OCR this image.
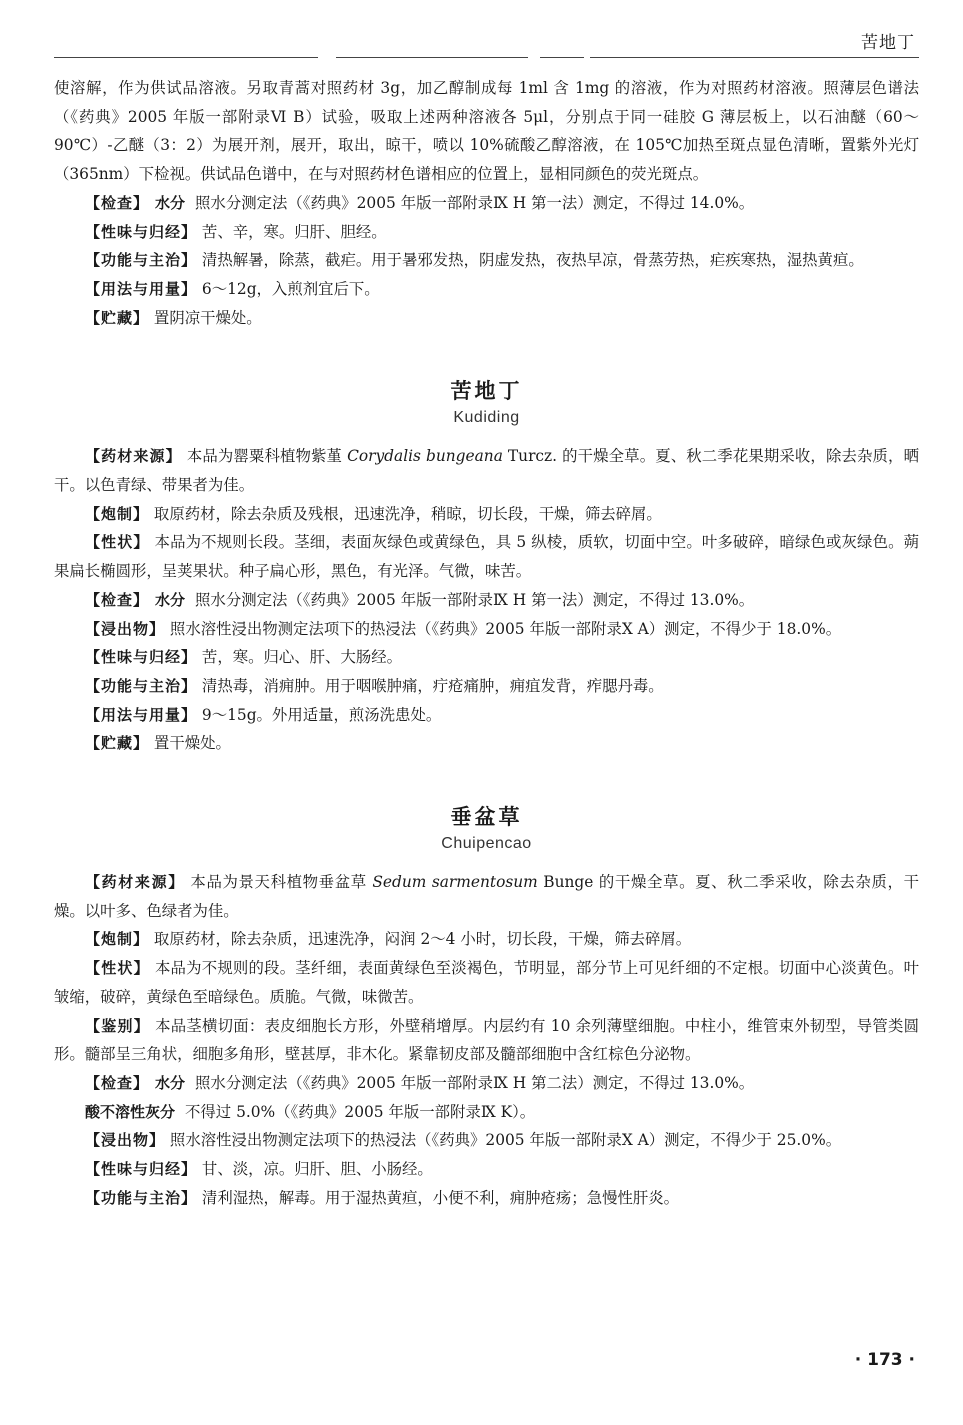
苦地丁

使溶解，作为供试品溶液。另取青蒿对照药材 3g，加乙醇制成每 1ml 含 1mg 的溶液，作为对照药材溶液。照薄层色谱法（《药典》2005 年版一部附录Ⅵ B）试验，吸取上述两种溶液各 5μl，分别点于同一硅胶 G 薄层板上，以石油醚（60～90℃）-乙醚（3：2）为展开剂，展开，取出，晾干，喷以 10%硫酸乙醇溶液，在 105℃加热至斑点显色清晰，置紫外光灯（365nm）下检视。供试品色谱中，在与对照药材色谱相应的位置上，显相同颜色的荧光斑点。

【检查】 水分 照水分测定法（《药典》2005 年版一部附录Ⅸ H 第一法）测定，不得过 14.0%。

【性味与归经】 苦、辛，寒。归肝、胆经。

【功能与主治】 清热解暑，除蒸，截疟。用于暑邪发热，阴虚发热，夜热早凉，骨蒸劳热，疟疾寒热，湿热黄疸。

【用法与用量】 6～12g，入煎剂宜后下。

【贮藏】 置阴凉干燥处。

苦地丁
Kudiding

【药材来源】 本品为罂粟科植物紫堇 Corydalis bungeana Turcz. 的干燥全草。夏、秋二季花果期采收，除去杂质，晒干。以色青绿、带果者为佳。

【炮制】 取原药材，除去杂质及残根，迅速洗净，稍晾，切长段，干燥，筛去碎屑。

【性状】 本品为不规则长段。茎细，表面灰绿色或黄绿色，具 5 纵棱，质软，切面中空。叶多破碎，暗绿色或灰绿色。蒴果扁长椭圆形，呈荚果状。种子扁心形，黑色，有光泽。气微，味苦。

【检查】 水分 照水分测定法（《药典》2005 年版一部附录Ⅸ H 第一法）测定，不得过 13.0%。

【浸出物】 照水溶性浸出物测定法项下的热浸法（《药典》2005 年版一部附录Ⅹ A）测定，不得少于 18.0%。

【性味与归经】 苦，寒。归心、肝、大肠经。

【功能与主治】 清热毒，消痈肿。用于咽喉肿痛，疔疮痛肿，痈疽发背，痄腮丹毒。

【用法与用量】 9～15g。外用适量，煎汤洗患处。

【贮藏】 置干燥处。

垂盆草
Chuipencao

【药材来源】 本品为景天科植物垂盆草 Sedum sarmentosum Bunge 的干燥全草。夏、秋二季采收，除去杂质，干燥。以叶多、色绿者为佳。

【炮制】 取原药材，除去杂质，迅速洗净，闷润 2～4 小时，切长段，干燥，筛去碎屑。

【性状】 本品为不规则的段。茎纤细，表面黄绿色至淡褐色，节明显，部分节上可见纤细的不定根。切面中心淡黄色。叶皱缩，破碎，黄绿色至暗绿色。质脆。气微，味微苦。

【鉴别】 本品茎横切面：表皮细胞长方形，外壁稍增厚。内层约有 10 余列薄壁细胞。中柱小，维管束外韧型，导管类圆形。髓部呈三角状，细胞多角形，壁甚厚，非木化。紧靠韧皮部及髓部细胞中含红棕色分泌物。

【检查】 水分 照水分测定法（《药典》2005 年版一部附录Ⅸ H 第二法）测定，不得过 13.0%。

酸不溶性灰分 不得过 5.0%（《药典》2005 年版一部附录Ⅸ K）。

【浸出物】 照水溶性浸出物测定法项下的热浸法（《药典》2005 年版一部附录Ⅹ A）测定，不得少于 25.0%。

【性味与归经】 甘、淡，凉。归肝、胆、小肠经。

【功能与主治】 清利湿热，解毒。用于湿热黄疸，小便不利，痈肿疮疡；急慢性肝炎。

· 173 ·
